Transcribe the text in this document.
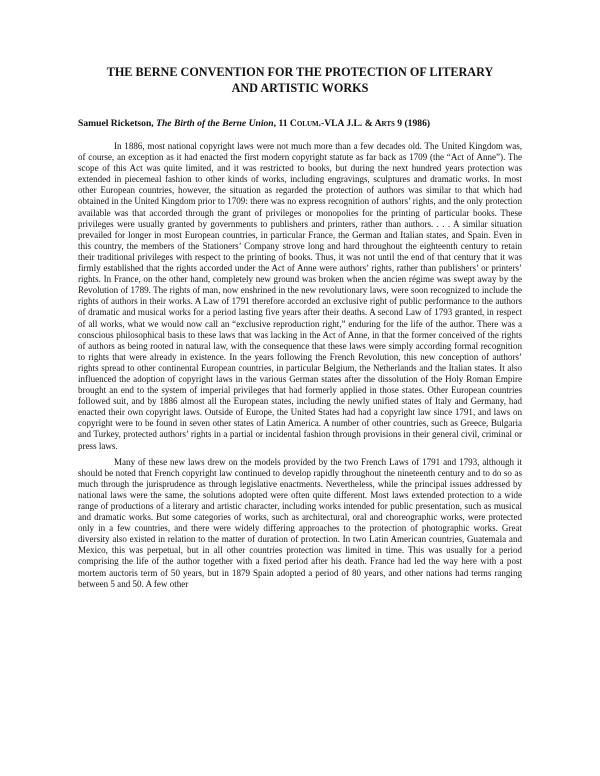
THE BERNE CONVENTION FOR THE PROTECTION OF LITERARY
AND ARTISTIC WORKS
Samuel Ricketson, The Birth of the Berne Union, 11 Colum.-VLA J.L. & Arts 9 (1986)

In 1886, most national copyright laws were not much more than a few decades old. The United Kingdom was, of course, an exception as it had enacted the first modern copyright statute as far back as 1709 (the “Act of Anne”). The scope of this Act was quite limited, and it was restricted to books, but during the next hundred years protection was extended in piecemeal fashion to other kinds of works, including engravings, sculptures and dramatic works. In most other European countries, however, the situation as regarded the protection of authors was similar to that which had obtained in the United Kingdom prior to 1709: there was no express recognition of authors’ rights, and the only protection available was that accorded through the grant of privileges or monopolies for the printing of particular books. These privileges were usually granted by governments to publishers and printers, rather than authors. . . . A similar situation prevailed for longer in most European countries, in particular France, the German and Italian states, and Spain. Even in this country, the members of the Stationers’ Company strove long and hard throughout the eighteenth century to retain their traditional privileges with respect to the printing of books. Thus, it was not until the end of that century that it was firmly established that the rights accorded under the Act of Anne were authors’ rights, rather than publishers’ or printers’ rights. In France, on the other hand, completely new ground was broken when the ancien régime was swept away by the Revolution of 1789. The rights of man, now enshrined in the new revolutionary laws, were soon recognized to include the rights of authors in their works. A Law of 1791 therefore accorded an exclusive right of public performance to the authors of dramatic and musical works for a period lasting five years after their deaths. A second Law of 1793 granted, in respect of all works, what we would now call an “exclusive reproduction right,” enduring for the life of the author. There was a conscious philosophical basis to these laws that was lacking in the Act of Anne, in that the former conceived of the rights of authors as being rooted in natural law, with the consequence that these laws were simply according formal recognition to rights that were already in existence. In the years following the French Revolution, this new conception of authors’ rights spread to other continental European countries, in particular Belgium, the Netherlands and the Italian states. It also influenced the adoption of copyright laws in the various German states after the dissolution of the Holy Roman Empire brought an end to the system of imperial privileges that had formerly applied in those states. Other European countries followed suit, and by 1886 almost all the European states, including the newly unified states of Italy and Germany, had enacted their own copyright laws. Outside of Europe, the United States had had a copyright law since 1791, and laws on copyright were to be found in seven other states of Latin America. A number of other countries, such as Greece, Bulgaria and Turkey, protected authors’ rights in a partial or incidental fashion through provisions in their general civil, criminal or press laws.

Many of these new laws drew on the models provided by the two French Laws of 1791 and 1793, although it should be noted that French copyright law continued to develop rapidly throughout the nineteenth century and to do so as much through the jurisprudence as through legislative enactments. Nevertheless, while the principal issues addressed by national laws were the same, the solutions adopted were often quite different. Most laws extended protection to a wide range of productions of a literary and artistic character, including works intended for public presentation, such as musical and dramatic works. But some categories of works, such as architectural, oral and choreographic works, were protected only in a few countries, and there were widely differing approaches to the protection of photographic works. Great diversity also existed in relation to the matter of duration of protection. In two Latin American countries, Guatemala and Mexico, this was perpetual, but in all other countries protection was limited in time. This was usually for a period comprising the life of the author together with a fixed period after his death. France had led the way here with a post mortem auctoris term of 50 years, but in 1879 Spain adopted a period of 80 years, and other nations had terms ranging between 5 and 50. A few other
